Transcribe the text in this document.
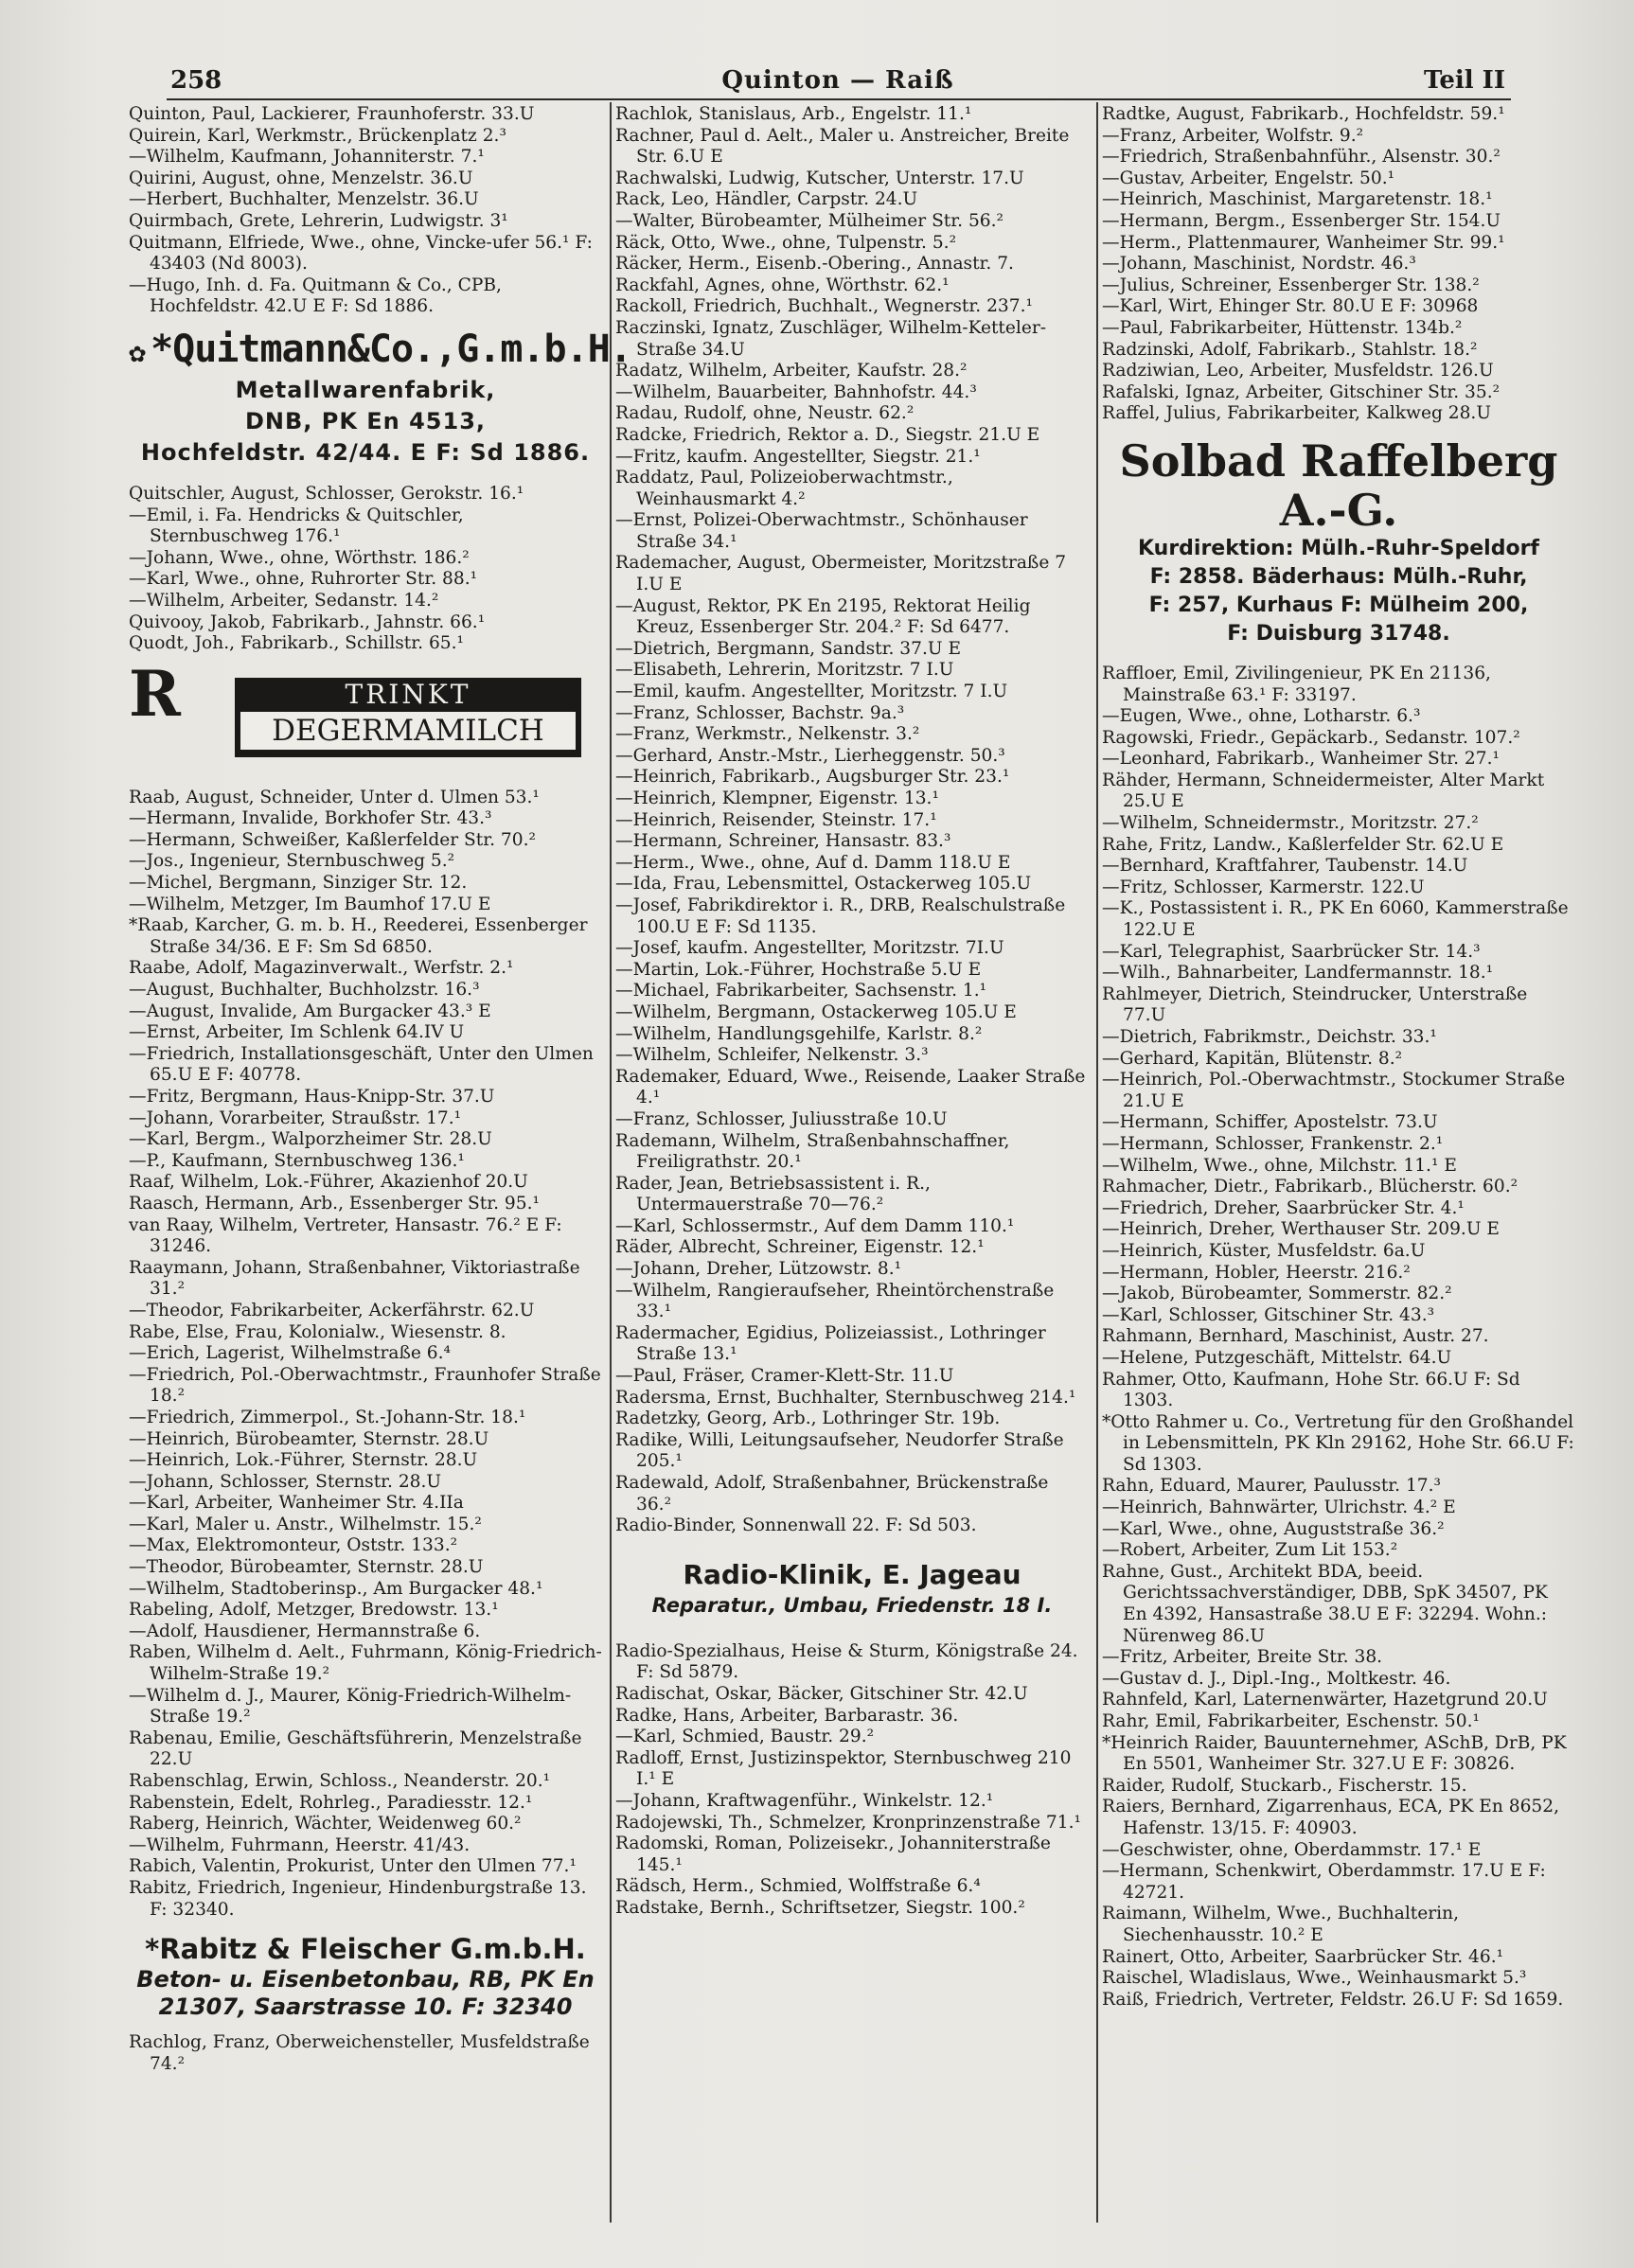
258	Quinton — Raiß	Teil II
Quinton, Paul, Lackierer, Fraunhoferstr. 33.U
Quirein, Karl, Werkmstr., Brückenplatz 2.³
—Wilhelm, Kaufmann, Johanniterstr. 7.¹
Quirini, August, ohne, Menzelstr. 36.U
—Herbert, Buchhalter, Menzelstr. 36.U
Quirmbach, Grete, Lehrerin, Ludwigstr. 3¹
Quitmann, Elfriede, Wwe., ohne, Vincke-ufer 56.¹ F: 43403 (Nd 8003).
—Hugo, Inh. d. Fa. Quitmann & Co., CPB, Hochfeldstr. 42.U E F: Sd 1886.
✿ *Quitmann&Co.,G.m.b.H.
Metallwarenfabrik,
DNB, PK En 4513,
Hochfeldstr. 42/44. E F: Sd 1886.
Quitschler, August, Schlosser, Gerokstr. 16.¹
—Emil, i. Fa. Hendricks & Quitschler, Sternbuschweg 176.¹
—Johann, Wwe., ohne, Wörthstr. 186.²
—Karl, Wwe., ohne, Ruhrorter Str. 88.¹
—Wilhelm, Arbeiter, Sedanstr. 14.²
Quivooy, Jakob, Fabrikarb., Jahnstr. 66.¹
Quodt, Joh., Fabrikarb., Schillstr. 65.¹
R	TRINKT
DEGERMAMILCH
Raab, August, Schneider, Unter d. Ulmen 53.¹
—Hermann, Invalide, Borkhofer Str. 43.³
—Hermann, Schweißer, Kaßlerfelder Str. 70.²
—Jos., Ingenieur, Sternbuschweg 5.²
—Michel, Bergmann, Sinziger Str. 12.
—Wilhelm, Metzger, Im Baumhof 17.U E
*Raab, Karcher, G. m. b. H., Reederei, Essenberger Straße 34/36. E F: Sm Sd 6850.
Raabe, Adolf, Magazinverwalt., Werfstr. 2.¹
—August, Buchhalter, Buchholzstr. 16.³
—August, Invalide, Am Burgacker 43.³ E
—Ernst, Arbeiter, Im Schlenk 64.IV U
—Friedrich, Installationsgeschäft, Unter den Ulmen 65.U E F: 40778.
—Fritz, Bergmann, Haus-Knipp-Str. 37.U
—Johann, Vorarbeiter, Straußstr. 17.¹
—Karl, Bergm., Walporzheimer Str. 28.U
—P., Kaufmann, Sternbuschweg 136.¹
Raaf, Wilhelm, Lok.-Führer, Akazienhof 20.U
Raasch, Hermann, Arb., Essenberger Str. 95.¹
van Raay, Wilhelm, Vertreter, Hansastr. 76.² E F: 31246.
Raaymann, Johann, Straßenbahner, Viktoriastraße 31.²
—Theodor, Fabrikarbeiter, Ackerfährstr. 62.U
Rabe, Else, Frau, Kolonialw., Wiesenstr. 8.
—Erich, Lagerist, Wilhelmstraße 6.⁴
—Friedrich, Pol.-Oberwachtmstr., Fraunhofer Straße 18.²
—Friedrich, Zimmerpol., St.-Johann-Str. 18.¹
—Heinrich, Bürobeamter, Sternstr. 28.U
—Heinrich, Lok.-Führer, Sternstr. 28.U
—Johann, Schlosser, Sternstr. 28.U
—Karl, Arbeiter, Wanheimer Str. 4.IIa
—Karl, Maler u. Anstr., Wilhelmstr. 15.²
—Max, Elektromonteur, Oststr. 133.²
—Theodor, Bürobeamter, Sternstr. 28.U
—Wilhelm, Stadtoberinsp., Am Burgacker 48.¹
Rabeling, Adolf, Metzger, Bredowstr. 13.¹
—Adolf, Hausdiener, Hermannstraße 6.
Raben, Wilhelm d. Aelt., Fuhrmann, König-Friedrich-Wilhelm-Straße 19.²
—Wilhelm d. J., Maurer, König-Friedrich-Wilhelm-Straße 19.²
Rabenau, Emilie, Geschäftsführerin, Menzelstraße 22.U
Rabenschlag, Erwin, Schloss., Neanderstr. 20.¹
Rabenstein, Edelt, Rohrleg., Paradiesstr. 12.¹
Raberg, Heinrich, Wächter, Weidenweg 60.²
—Wilhelm, Fuhrmann, Heerstr. 41/43.
Rabich, Valentin, Prokurist, Unter den Ulmen 77.¹
Rabitz, Friedrich, Ingenieur, Hindenburgstraße 13. F: 32340.
*Rabitz & Fleischer G.m.b.H.
Beton- u. Eisenbetonbau, RB, PK En
21307, Saarstrasse 10. F: 32340
Rachlog, Franz, Oberweichensteller, Musfeldstraße 74.²
Rachlok, Stanislaus, Arb., Engelstr. 11.¹
Rachner, Paul d. Aelt., Maler u. Anstreicher, Breite Str. 6.U E
Rachwalski, Ludwig, Kutscher, Unterstr. 17.U
Rack, Leo, Händler, Carpstr. 24.U
—Walter, Bürobeamter, Mülheimer Str. 56.²
Räck, Otto, Wwe., ohne, Tulpenstr. 5.²
Räcker, Herm., Eisenb.-Obering., Annastr. 7.
Rackfahl, Agnes, ohne, Wörthstr. 62.¹
Rackoll, Friedrich, Buchhalt., Wegnerstr. 237.¹
Raczinski, Ignatz, Zuschläger, Wilhelm-Ketteler-Straße 34.U
Radatz, Wilhelm, Arbeiter, Kaufstr. 28.²
—Wilhelm, Bauarbeiter, Bahnhofstr. 44.³
Radau, Rudolf, ohne, Neustr. 62.²
Radcke, Friedrich, Rektor a. D., Siegstr. 21.U E
—Fritz, kaufm. Angestellter, Siegstr. 21.¹
Raddatz, Paul, Polizeioberwachtmstr., Weinhausmarkt 4.²
—Ernst, Polizei-Oberwachtmstr., Schönhauser Straße 34.¹
Rademacher, August, Obermeister, Moritzstraße 7 I.U E
—August, Rektor, PK En 2195, Rektorat Heilig Kreuz, Essenberger Str. 204.² F: Sd 6477.
—Dietrich, Bergmann, Sandstr. 37.U E
—Elisabeth, Lehrerin, Moritzstr. 7 I.U
—Emil, kaufm. Angestellter, Moritzstr. 7 I.U
—Franz, Schlosser, Bachstr. 9a.³
—Franz, Werkmstr., Nelkenstr. 3.²
—Gerhard, Anstr.-Mstr., Lierheggenstr. 50.³
—Heinrich, Fabrikarb., Augsburger Str. 23.¹
—Heinrich, Klempner, Eigenstr. 13.¹
—Heinrich, Reisender, Steinstr. 17.¹
—Hermann, Schreiner, Hansastr. 83.³
—Herm., Wwe., ohne, Auf d. Damm 118.U E
—Ida, Frau, Lebensmittel, Ostackerweg 105.U
—Josef, Fabrikdirektor i. R., DRB, Realschulstraße 100.U E F: Sd 1135.
—Josef, kaufm. Angestellter, Moritzstr. 7I.U
—Martin, Lok.-Führer, Hochstraße 5.U E
—Michael, Fabrikarbeiter, Sachsenstr. 1.¹
—Wilhelm, Bergmann, Ostackerweg 105.U E
—Wilhelm, Handlungsgehilfe, Karlstr. 8.²
—Wilhelm, Schleifer, Nelkenstr. 3.³
Rademaker, Eduard, Wwe., Reisende, Laaker Straße 4.¹
—Franz, Schlosser, Juliusstraße 10.U
Rademann, Wilhelm, Straßenbahnschaffner, Freiligrathstr. 20.¹
Rader, Jean, Betriebsassistent i. R., Untermauerstraße 70—76.²
—Karl, Schlossermstr., Auf dem Damm 110.¹
Räder, Albrecht, Schreiner, Eigenstr. 12.¹
—Johann, Dreher, Lützowstr. 8.¹
—Wilhelm, Rangieraufseher, Rheintörchenstraße 33.¹
Radermacher, Egidius, Polizeiassist., Lothringer Straße 13.¹
—Paul, Fräser, Cramer-Klett-Str. 11.U
Radersma, Ernst, Buchhalter, Sternbuschweg 214.¹
Radetzky, Georg, Arb., Lothringer Str. 19b.
Radike, Willi, Leitungsaufseher, Neudorfer Straße 205.¹
Radewald, Adolf, Straßenbahner, Brückenstraße 36.²
Radio-Binder, Sonnenwall 22. F: Sd 503.
Radio-Klinik, E. Jageau
Reparatur., Umbau, Friedenstr. 18 I.
Radio-Spezialhaus, Heise & Sturm, Königstraße 24. F: Sd 5879.
Radischat, Oskar, Bäcker, Gitschiner Str. 42.U
Radke, Hans, Arbeiter, Barbarastr. 36.
—Karl, Schmied, Baustr. 29.²
Radloff, Ernst, Justizinspektor, Sternbuschweg 210 I.¹ E
—Johann, Kraftwagenführ., Winkelstr. 12.¹
Radojewski, Th., Schmelzer, Kronprinzenstraße 71.¹
Radomski, Roman, Polizeisekr., Johanniterstraße 145.¹
Rädsch, Herm., Schmied, Wolffstraße 6.⁴
Radstake, Bernh., Schriftsetzer, Siegstr. 100.²
Radtke, August, Fabrikarb., Hochfeldstr. 59.¹
—Franz, Arbeiter, Wolfstr. 9.²
—Friedrich, Straßenbahnführ., Alsenstr. 30.²
—Gustav, Arbeiter, Engelstr. 50.¹
—Heinrich, Maschinist, Margaretenstr. 18.¹
—Hermann, Bergm., Essenberger Str. 154.U
—Herm., Plattenmaurer, Wanheimer Str. 99.¹
—Johann, Maschinist, Nordstr. 46.³
—Julius, Schreiner, Essenberger Str. 138.²
—Karl, Wirt, Ehinger Str. 80.U E F: 30968
—Paul, Fabrikarbeiter, Hüttenstr. 134b.²
Radzinski, Adolf, Fabrikarb., Stahlstr. 18.²
Radziwian, Leo, Arbeiter, Musfeldstr. 126.U
Rafalski, Ignaz, Arbeiter, Gitschiner Str. 35.²
Raffel, Julius, Fabrikarbeiter, Kalkweg 28.U
Solbad Raffelberg A.-G.
Kurdirektion: Mülh.-Ruhr-Speldorf
F: 2858. Bäderhaus: Mülh.-Ruhr,
F: 257, Kurhaus F: Mülheim 200,
F: Duisburg 31748.
Raffloer, Emil, Zivilingenieur, PK En 21136, Mainstraße 63.¹ F: 33197.
—Eugen, Wwe., ohne, Lotharstr. 6.³
Ragowski, Friedr., Gepäckarb., Sedanstr. 107.²
—Leonhard, Fabrikarb., Wanheimer Str. 27.¹
Rähder, Hermann, Schneidermeister, Alter Markt 25.U E
—Wilhelm, Schneidermstr., Moritzstr. 27.²
Rahe, Fritz, Landw., Kaßlerfelder Str. 62.U E
—Bernhard, Kraftfahrer, Taubenstr. 14.U
—Fritz, Schlosser, Karmerstr. 122.U
—K., Postassistent i. R., PK En 6060, Kammerstraße 122.U E
—Karl, Telegraphist, Saarbrücker Str. 14.³
—Wilh., Bahnarbeiter, Landfermannstr. 18.¹
Rahlmeyer, Dietrich, Steindrucker, Unterstraße 77.U
—Dietrich, Fabrikmstr., Deichstr. 33.¹
—Gerhard, Kapitän, Blütenstr. 8.²
—Heinrich, Pol.-Oberwachtmstr., Stockumer Straße 21.U E
—Hermann, Schiffer, Apostelstr. 73.U
—Hermann, Schlosser, Frankenstr. 2.¹
—Wilhelm, Wwe., ohne, Milchstr. 11.¹ E
Rahmacher, Dietr., Fabrikarb., Blücherstr. 60.²
—Friedrich, Dreher, Saarbrücker Str. 4.¹
—Heinrich, Dreher, Werthauser Str. 209.U E
—Heinrich, Küster, Musfeldstr. 6a.U
—Hermann, Hobler, Heerstr. 216.²
—Jakob, Bürobeamter, Sommerstr. 82.²
—Karl, Schlosser, Gitschiner Str. 43.³
Rahmann, Bernhard, Maschinist, Austr. 27.
—Helene, Putzgeschäft, Mittelstr. 64.U
Rahmer, Otto, Kaufmann, Hohe Str. 66.U F: Sd 1303.
*Otto Rahmer u. Co., Vertretung für den Großhandel in Lebensmitteln, PK Kln 29162, Hohe Str. 66.U F: Sd 1303.
Rahn, Eduard, Maurer, Paulusstr. 17.³
—Heinrich, Bahnwärter, Ulrichstr. 4.² E
—Karl, Wwe., ohne, Auguststraße 36.²
—Robert, Arbeiter, Zum Lit 153.²
Rahne, Gust., Architekt BDA, beeid. Gerichtssachverständiger, DBB, SpK 34507, PK En 4392, Hansastraße 38.U E F: 32294. Wohn.: Nürenweg 86.U
—Fritz, Arbeiter, Breite Str. 38.
—Gustav d. J., Dipl.-Ing., Moltkestr. 46.
Rahnfeld, Karl, Laternenwärter, Hazetgrund 20.U
Rahr, Emil, Fabrikarbeiter, Eschenstr. 50.¹
*Heinrich Raider, Bauunternehmer, ASchB, DrB, PK En 5501, Wanheimer Str. 327.U E F: 30826.
Raider, Rudolf, Stuckarb., Fischerstr. 15.
Raiers, Bernhard, Zigarrenhaus, ECA, PK En 8652, Hafenstr. 13/15. F: 40903.
—Geschwister, ohne, Oberdammstr. 17.¹ E
—Hermann, Schenkwirt, Oberdammstr. 17.U E F: 42721.
Raimann, Wilhelm, Wwe., Buchhalterin, Siechenhausstr. 10.² E
Rainert, Otto, Arbeiter, Saarbrücker Str. 46.¹
Raischel, Wladislaus, Wwe., Weinhausmarkt 5.³
Raiß, Friedrich, Vertreter, Feldstr. 26.U F: Sd 1659.
